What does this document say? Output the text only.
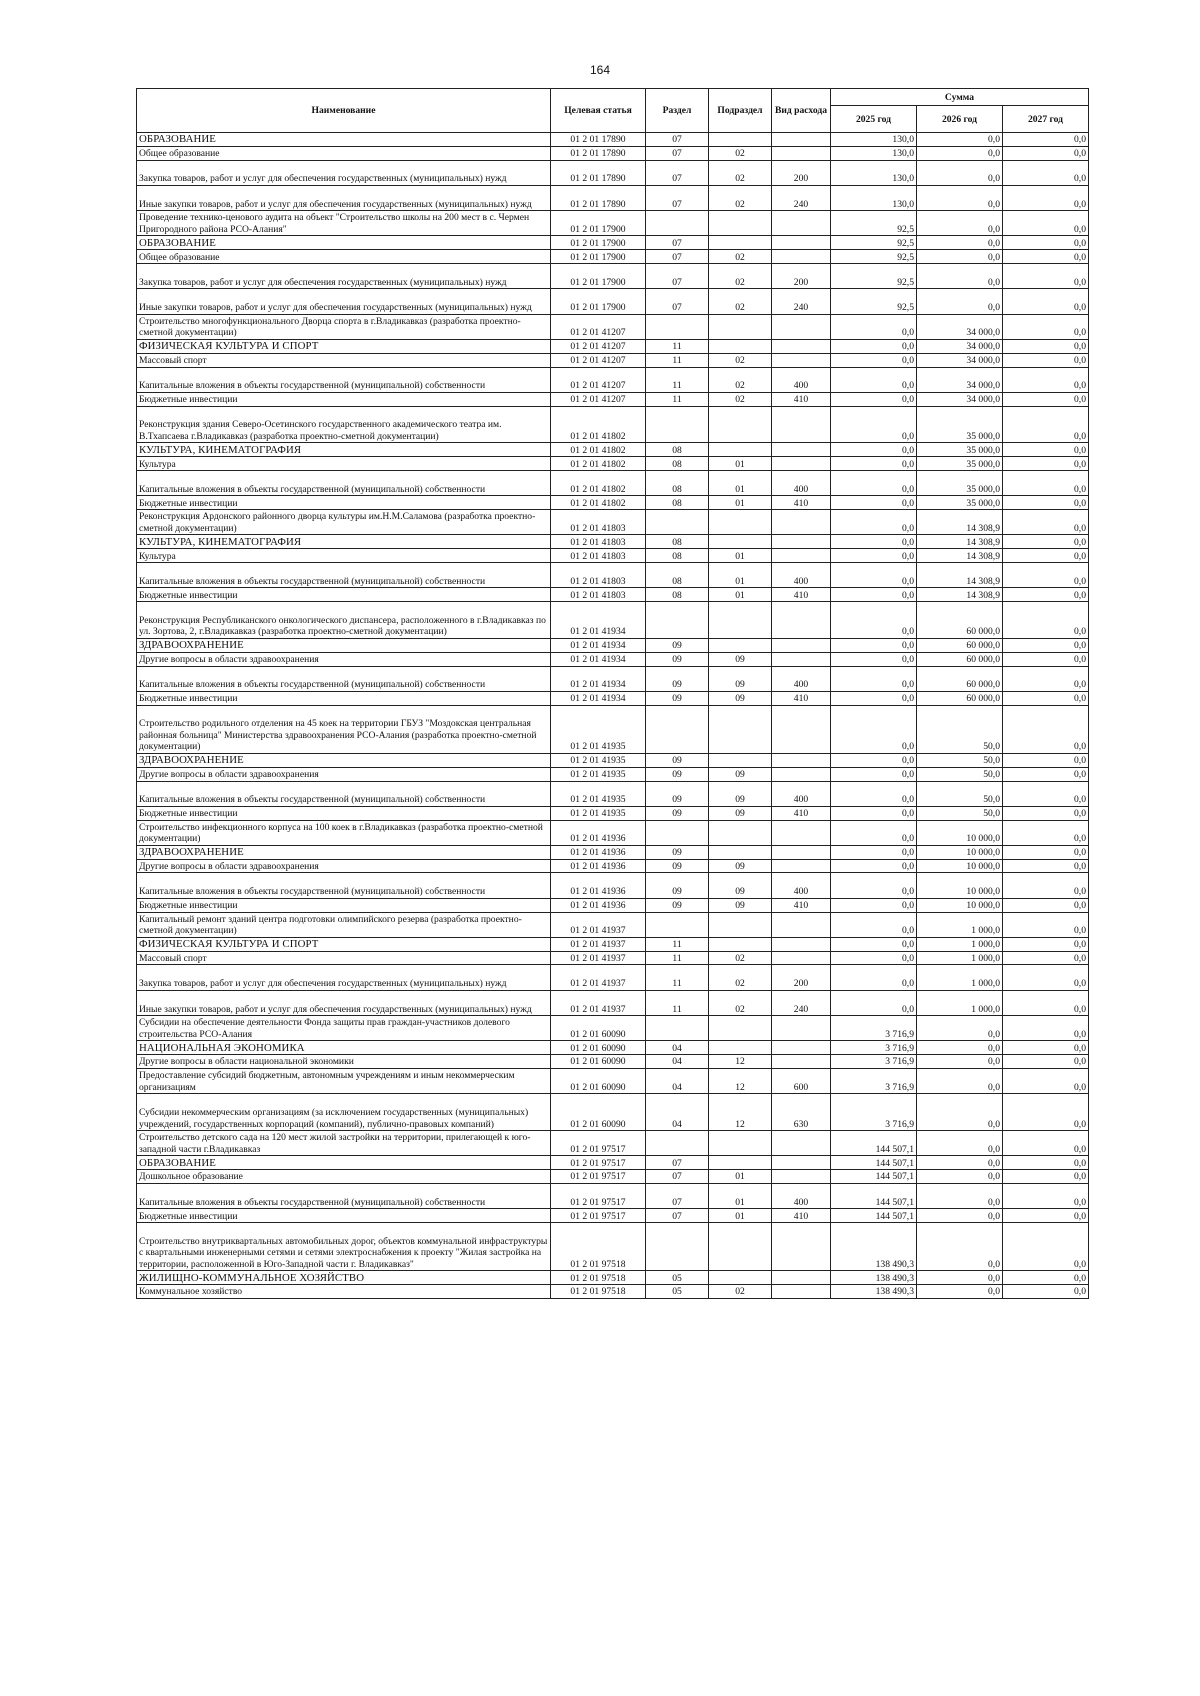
164
Наименование	Целевая статья	Раздел	Подраздел	Вид расхода	Сумма		
					2025 год	2026 год	2027 год
ОБРАЗОВАНИЕ	01 2 01 17890	07			130,0	0,0	0,0
Общее образование	01 2 01 17890	07	02		130,0	0,0	0,0
Закупка товаров, работ и услуг для обеспечения государственных (муниципальных) нужд	01 2 01 17890	07	02	200	130,0	0,0	0,0
Иные закупки товаров, работ и услуг для обеспечения государственных (муниципальных) нужд	01 2 01 17890	07	02	240	130,0	0,0	0,0
Проведение технико-ценового аудита на объект "Строительство школы на 200 мест в с. Чермен Пригородного района РСО-Алания"	01 2 01 17900				92,5	0,0	0,0
ОБРАЗОВАНИЕ	01 2 01 17900	07			92,5	0,0	0,0
Общее образование	01 2 01 17900	07	02		92,5	0,0	0,0
Закупка товаров, работ и услуг для обеспечения государственных (муниципальных) нужд	01 2 01 17900	07	02	200	92,5	0,0	0,0
Иные закупки товаров, работ и услуг для обеспечения государственных (муниципальных) нужд	01 2 01 17900	07	02	240	92,5	0,0	0,0
Строительство многофункционального Дворца спорта в г.Владикавказ (разработка проектно-сметной документации)	01 2 01 41207				0,0	34 000,0	0,0
ФИЗИЧЕСКАЯ КУЛЬТУРА И СПОРТ	01 2 01 41207	11			0,0	34 000,0	0,0
Массовый спорт	01 2 01 41207	11	02		0,0	34 000,0	0,0
Капитальные вложения в объекты государственной (муниципальной) собственности	01 2 01 41207	11	02	400	0,0	34 000,0	0,0
Бюджетные инвестиции	01 2 01 41207	11	02	410	0,0	34 000,0	0,0
Реконструкция здания Северо-Осетинского государственного академического театра им. В.Тхапсаева г.Владикавказ (разработка проектно-сметной документации)	01 2 01 41802				0,0	35 000,0	0,0
КУЛЬТУРА, КИНЕМАТОГРАФИЯ	01 2 01 41802	08			0,0	35 000,0	0,0
Культура	01 2 01 41802	08	01		0,0	35 000,0	0,0
Капитальные вложения в объекты государственной (муниципальной) собственности	01 2 01 41802	08	01	400	0,0	35 000,0	0,0
Бюджетные инвестиции	01 2 01 41802	08	01	410	0,0	35 000,0	0,0
Реконструкция Ардонского районного дворца культуры им.Н.М.Саламова (разработка проектно-сметной документации)	01 2 01 41803				0,0	14 308,9	0,0
КУЛЬТУРА, КИНЕМАТОГРАФИЯ	01 2 01 41803	08			0,0	14 308,9	0,0
Культура	01 2 01 41803	08	01		0,0	14 308,9	0,0
Капитальные вложения в объекты государственной (муниципальной) собственности	01 2 01 41803	08	01	400	0,0	14 308,9	0,0
Бюджетные инвестиции	01 2 01 41803	08	01	410	0,0	14 308,9	0,0
Реконструкция Республиканского онкологического диспансера, расположенного в г.Владикавказ по ул. Зортова, 2, г.Владикавказ (разработка проектно-сметной документации)	01 2 01 41934				0,0	60 000,0	0,0
ЗДРАВООХРАНЕНИЕ	01 2 01 41934	09			0,0	60 000,0	0,0
Другие вопросы в области здравоохранения	01 2 01 41934	09	09		0,0	60 000,0	0,0
Капитальные вложения в объекты государственной (муниципальной) собственности	01 2 01 41934	09	09	400	0,0	60 000,0	0,0
Бюджетные инвестиции	01 2 01 41934	09	09	410	0,0	60 000,0	0,0
Строительство родильного отделения на 45 коек на территории ГБУЗ "Моздокская центральная районная больница" Министерства здравоохранения РСО-Алания (разработка проектно-сметной документации)	01 2 01 41935				0,0	50,0	0,0
ЗДРАВООХРАНЕНИЕ	01 2 01 41935	09			0,0	50,0	0,0
Другие вопросы в области здравоохранения	01 2 01 41935	09	09		0,0	50,0	0,0
Капитальные вложения в объекты государственной (муниципальной) собственности	01 2 01 41935	09	09	400	0,0	50,0	0,0
Бюджетные инвестиции	01 2 01 41935	09	09	410	0,0	50,0	0,0
Строительство инфекционного корпуса на 100 коек в г.Владикавказ (разработка проектно-сметной документации)	01 2 01 41936				0,0	10 000,0	0,0
ЗДРАВООХРАНЕНИЕ	01 2 01 41936	09			0,0	10 000,0	0,0
Другие вопросы в области здравоохранения	01 2 01 41936	09	09		0,0	10 000,0	0,0
Капитальные вложения в объекты государственной (муниципальной) собственности	01 2 01 41936	09	09	400	0,0	10 000,0	0,0
Бюджетные инвестиции	01 2 01 41936	09	09	410	0,0	10 000,0	0,0
Капитальный ремонт зданий центра подготовки олимпийского резерва (разработка проектно-сметной документации)	01 2 01 41937				0,0	1 000,0	0,0
ФИЗИЧЕСКАЯ КУЛЬТУРА И СПОРТ	01 2 01 41937	11			0,0	1 000,0	0,0
Массовый спорт	01 2 01 41937	11	02		0,0	1 000,0	0,0
Закупка товаров, работ и услуг для обеспечения государственных (муниципальных) нужд	01 2 01 41937	11	02	200	0,0	1 000,0	0,0
Иные закупки товаров, работ и услуг для обеспечения государственных (муниципальных) нужд	01 2 01 41937	11	02	240	0,0	1 000,0	0,0
Субсидии на обеспечение деятельности Фонда защиты прав граждан-участников долевого строительства РСО-Алания	01 2 01 60090				3 716,9	0,0	0,0
НАЦИОНАЛЬНАЯ ЭКОНОМИКА	01 2 01 60090	04			3 716,9	0,0	0,0
Другие вопросы в области национальной экономики	01 2 01 60090	04	12		3 716,9	0,0	0,0
Предоставление субсидий бюджетным, автономным учреждениям и иным некоммерческим организациям	01 2 01 60090	04	12	600	3 716,9	0,0	0,0
Субсидии некоммерческим организациям (за исключением государственных (муниципальных) учреждений, государственных корпораций (компаний), публично-правовых компаний)	01 2 01 60090	04	12	630	3 716,9	0,0	0,0
Строительство детского сада на 120 мест жилой застройки на территории, прилегающей к юго-западной части г.Владикавказ	01 2 01 97517				144 507,1	0,0	0,0
ОБРАЗОВАНИЕ	01 2 01 97517	07			144 507,1	0,0	0,0
Дошкольное образование	01 2 01 97517	07	01		144 507,1	0,0	0,0
Капитальные вложения в объекты государственной (муниципальной) собственности	01 2 01 97517	07	01	400	144 507,1	0,0	0,0
Бюджетные инвестиции	01 2 01 97517	07	01	410	144 507,1	0,0	0,0
Строительство внутриквартальных автомобильных дорог, объектов коммунальной инфраструктуры с квартальными инженерными сетями и сетями электроснабжения к проекту "Жилая застройка на территории, расположенной в Юго-Западной части г. Владикавказ"	01 2 01 97518				138 490,3	0,0	0,0
ЖИЛИЩНО-КОММУНАЛЬНОЕ ХОЗЯЙСТВО	01 2 01 97518	05			138 490,3	0,0	0,0
Коммунальное хозяйство	01 2 01 97518	05	02		138 490,3	0,0	0,0
